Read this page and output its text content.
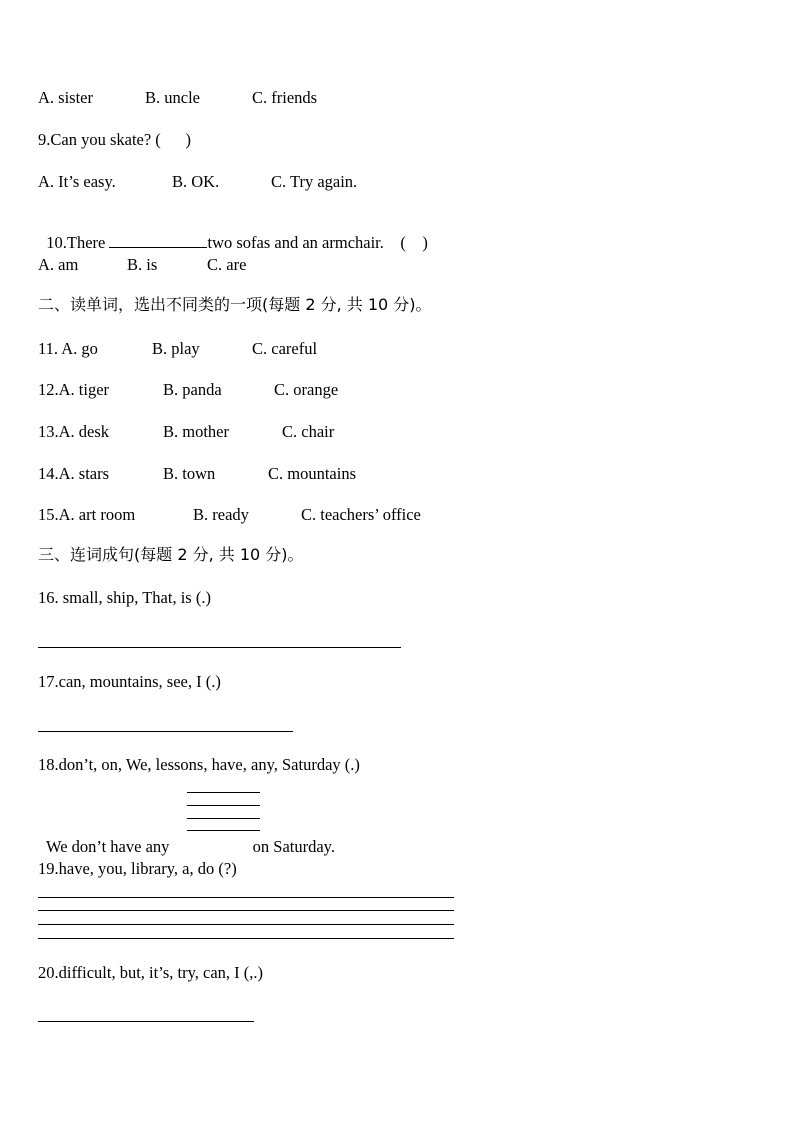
A. sister	B. uncle	C. friends
9.Can you skate? (      )
A. It’s easy.	B. OK.	C. Try again.

10.There	two sofas and an armchair.    (    )

A. am	B. is	C. are
二、读单词，选出不同类的一项(每题 2 分, 共 10 分)。
11. A. go	B. play	C. careful
12.A. tiger	B. panda	C. orange
13.A. desk	B. mother	C. chair
14.A. stars	B. town	C. mountains
15.A. art room	B. ready	C. teachers’ office
三、连词成句(每题 2 分, 共 10 分)。
16. small, ship, That, is (.)
17.can, mountains, see, I (.)
18.don’t, on, We, lessons, have, any, Saturday (.)

We don’t have any	on Saturday.

19.have, you, library, a, do (?)
20.difficult, but, it’s, try, can, I (,.)
